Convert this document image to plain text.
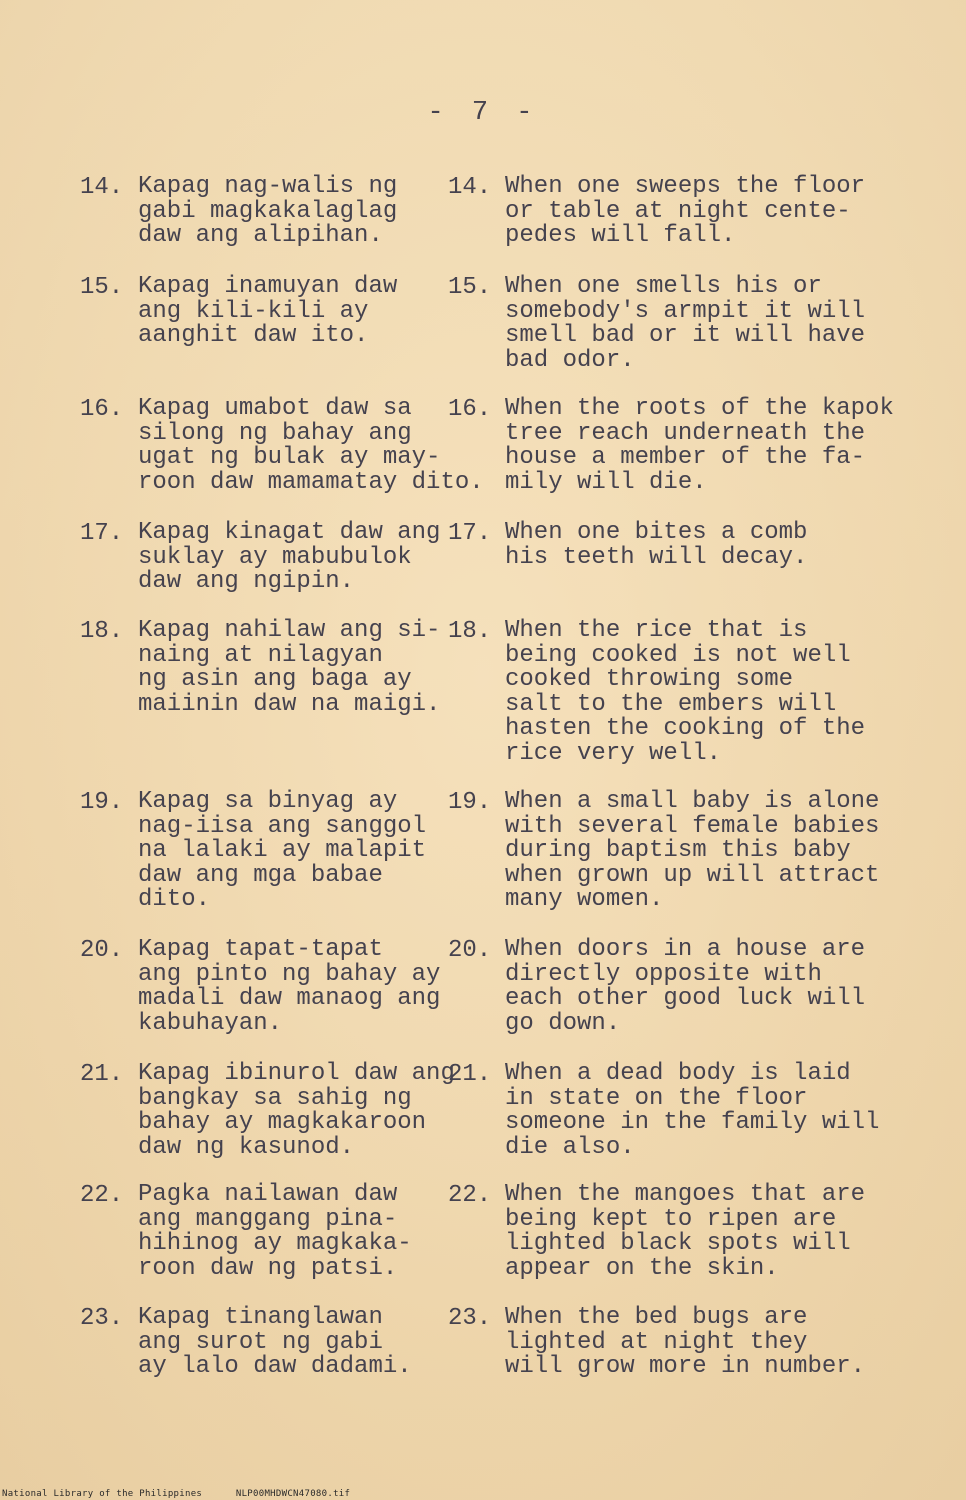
- 7 -
14. Kapag nag-walis ng
gabi magkakalaglag
daw ang alipihan.
14. When one sweeps the floor
or table at night cente-
pedes will fall.
15. Kapag inamuyan daw
ang kili-kili ay
aanghit daw ito.
15. When one smells his or
somebody's armpit it will
smell bad or it will have
bad odor.
16. Kapag umabot daw sa
silong ng bahay ang
ugat ng bulak ay may-
roon daw mamamatay dito.
16. When the roots of the kapok
tree reach underneath the
house a member of the fa-
mily will die.
17. Kapag kinagat daw ang
suklay ay mabubulok
daw ang ngipin.
17. When one bites a comb
his teeth will decay.
18. Kapag nahilaw ang si-
naing at nilagyan
ng asin ang baga ay
maiinin daw na maigi.
18. When the rice that is
being cooked is not well
cooked throwing some
salt to the embers will
hasten the cooking of the
rice very well.
19. Kapag sa binyag ay
nag-iisa ang sanggol
na lalaki ay malapit
daw ang mga babae
dito.
19. When a small baby is alone
with several female babies
during baptism this baby
when grown up will attract
many women.
20. Kapag tapat-tapat
ang pinto ng bahay ay
madali daw manaog ang
kabuhayan.
20. When doors in a house are
directly opposite with
each other good luck will
go down.
21. Kapag ibinurol daw ang
bangkay sa sahig ng
bahay ay magkakaroon
daw ng kasunod.
21. When a dead body is laid
in state on the floor
someone in the family will
die also.
22. Pagka nailawan daw
ang manggang pina-
hihinog ay magkaka-
roon daw ng patsi.
22. When the mangoes that are
being kept to ripen are
lighted black spots will
appear on the skin.
23. Kapag tinanglawan
ang surot ng gabi
ay lalo daw dadami.
23. When the bed bugs are
lighted at night they
will grow more in number.
National Library of the Philippines	NLP00MHDWCN47080.tif
